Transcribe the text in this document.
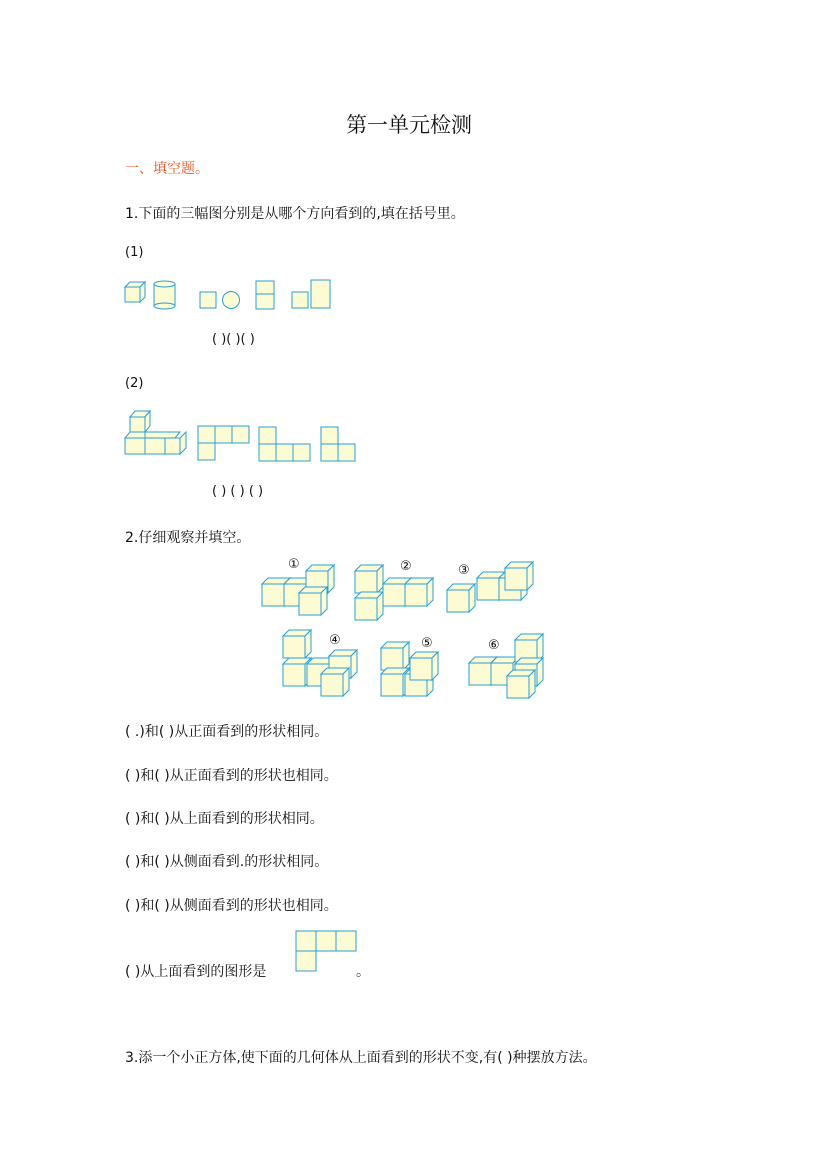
第一单元检测
一、填空题。
1.下面的三幅图分别是从哪个方向看到的,填在括号里。
(1)
( )( )( )
(2)
( ) ( ) ( )
2.仔细观察并填空。
①	②	③
④	⑤	⑥
( .)和( )从正面看到的形状相同。
( )和( )从正面看到的形状也相同。
( )和( )从上面看到的形状相同。
( )和( )从侧面看到.的形状相同。
( )和( )从侧面看到的形状也相同。
( )从上面看到的图形是	。
3.添一个小正方体,使下面的几何体从上面看到的形状不变,有( )种摆放方法。
